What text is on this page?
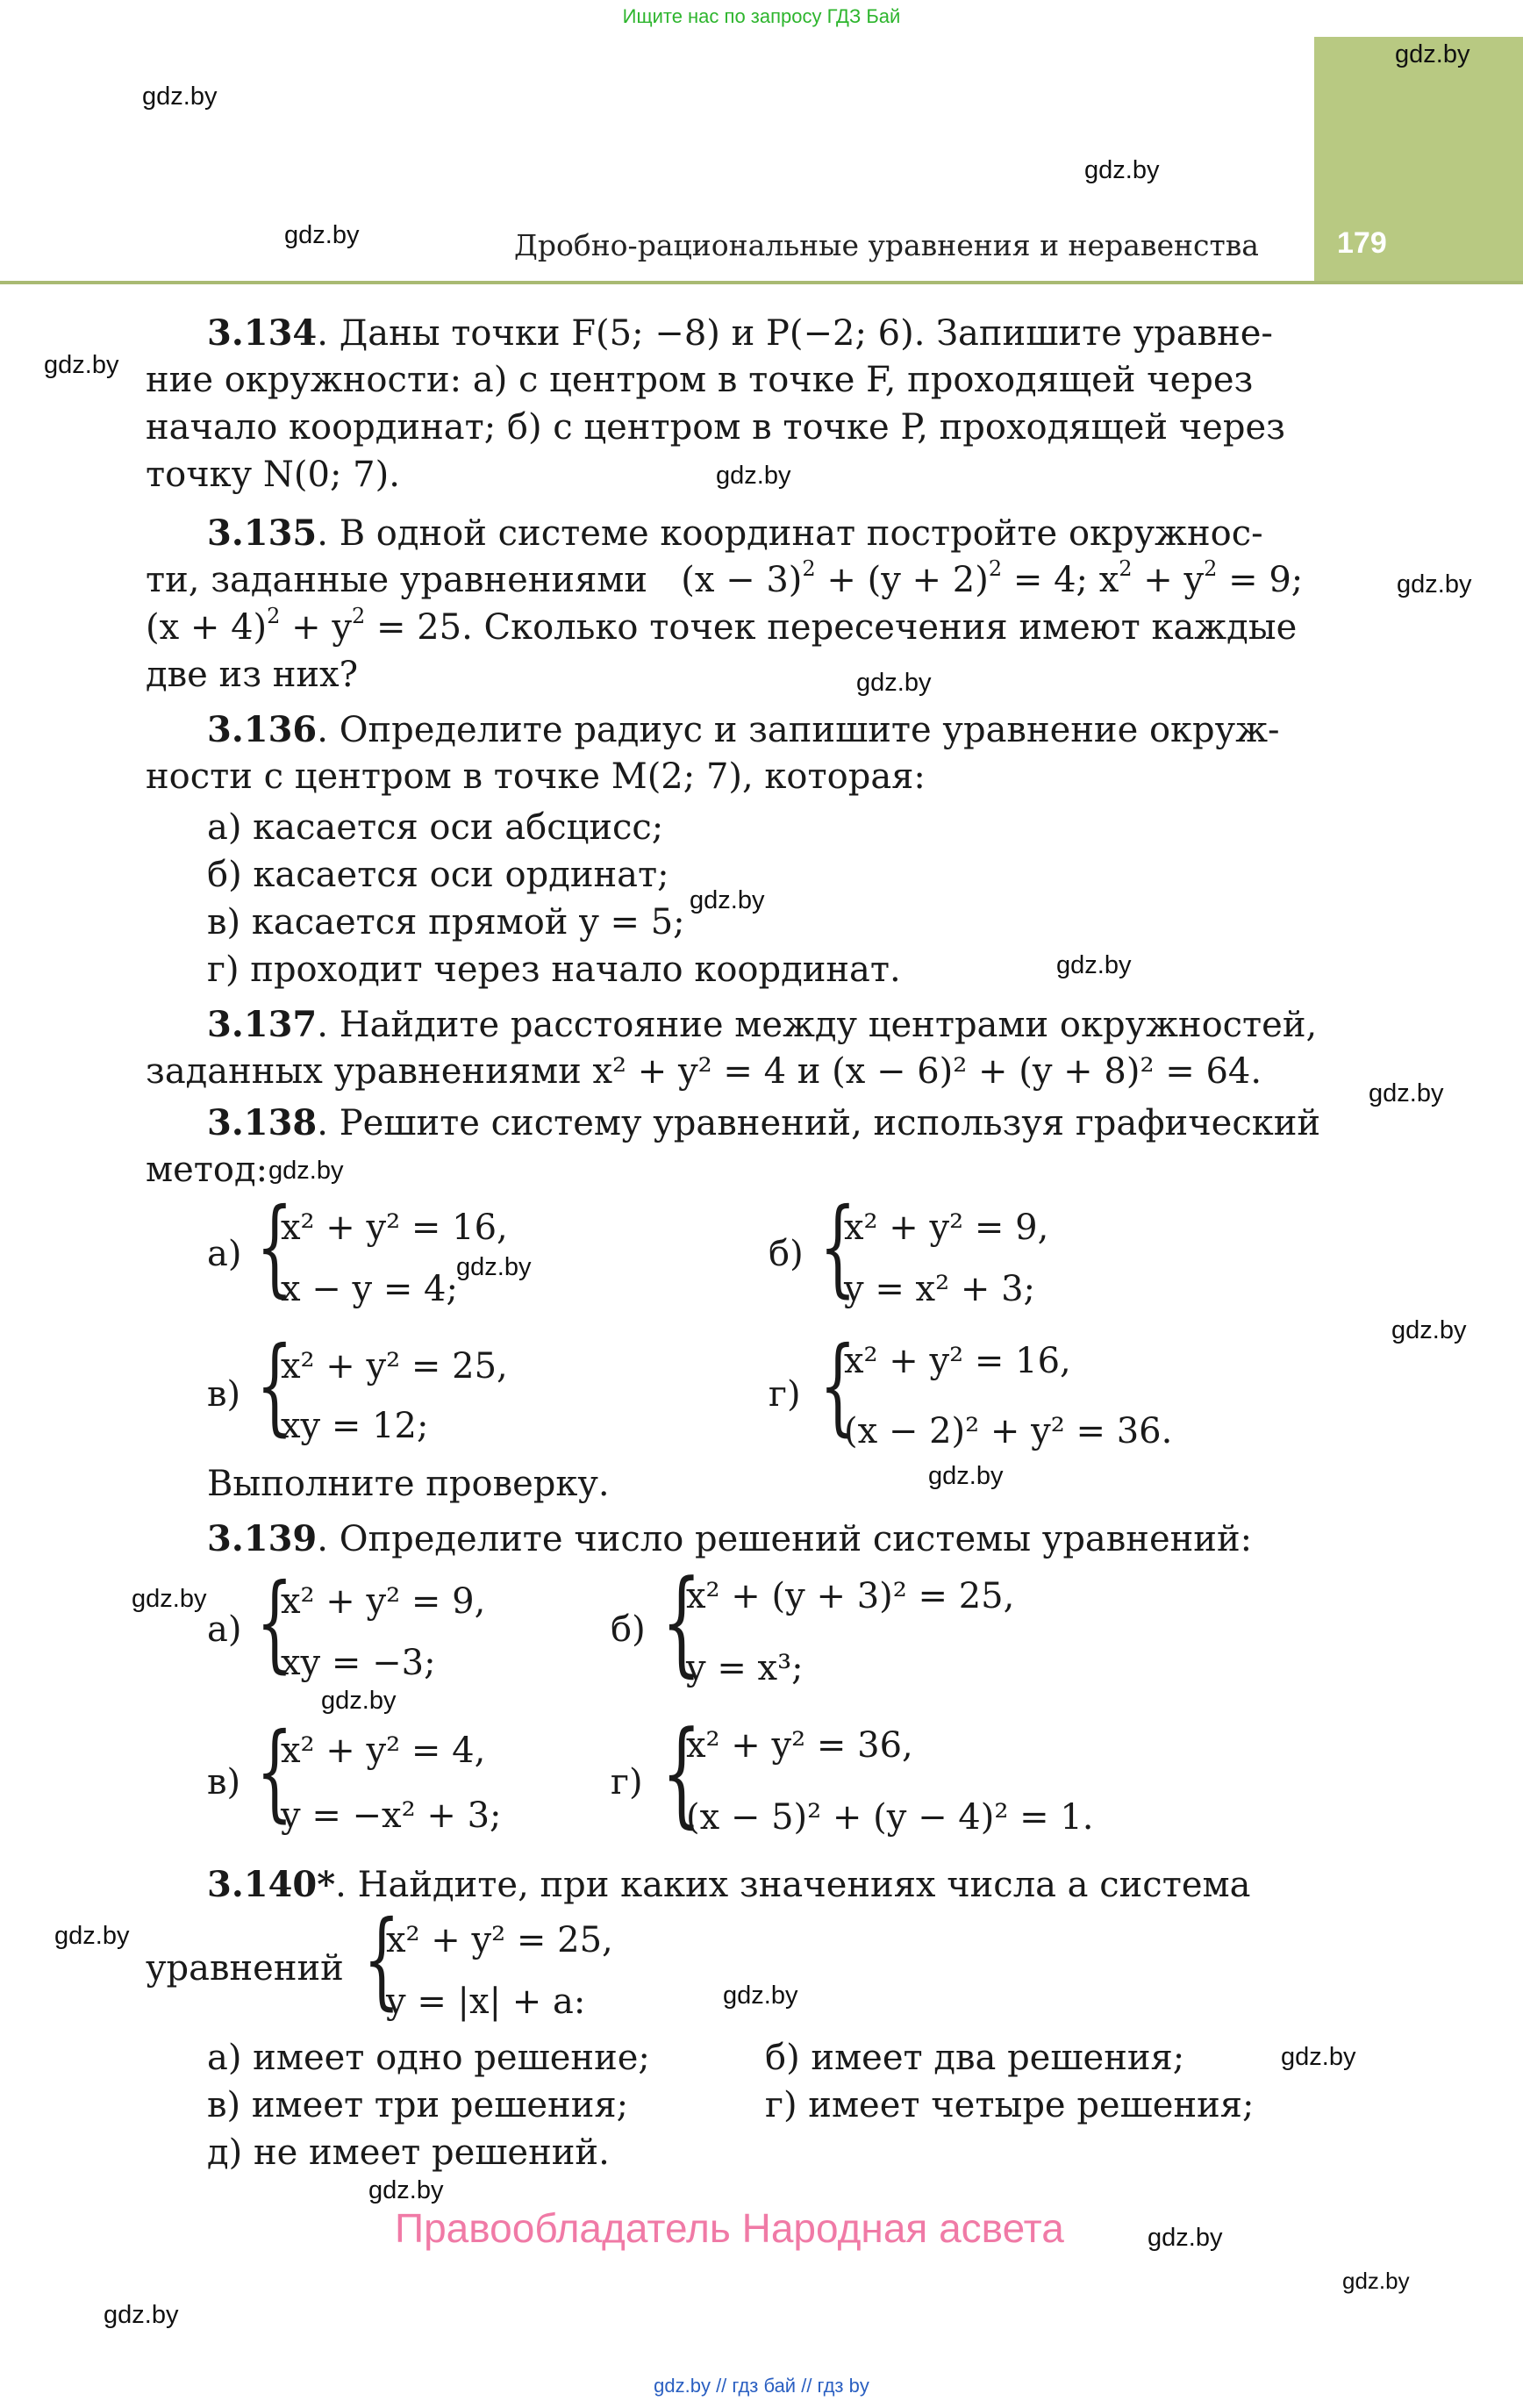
Ищите нас по запросу ГДЗ Бай
gdz.by
179
Дробно-рациональные уравнения и неравенства
gdz.by
gdz.by
gdz.by
gdz.by
gdz.by
gdz.by
gdz.by
gdz.by
gdz.by
gdz.by
gdz.by
gdz.by
gdz.by
gdz.by
gdz.by
gdz.by
gdz.by
gdz.by
gdz.by
gdz.by
gdz.by
gdz.by
gdz.by
3.134. Даны точки F(5; −8) и P(−2; 6). Запишите уравне-
ние окружности: а) с центром в точке F, проходящей через
начало координат; б) с центром в точке P, проходящей через
точку N(0; 7).
3.135. В одной системе координат постройте окружнос-
ти, заданные уравнениями $(x - 3)^2 + (y + 2)^2 = 4$; $x^2 + y^2 = 9$;
$(x + 4)^2 + y^2 = 25$. Сколько точек пересечения имеют каждые
две из них?
3.136. Определите радиус и запишите уравнение окруж-
ности с центром в точке M(2; 7), которая:
а) касается оси абсцисс;
б) касается оси ординат;
в) касается прямой y = 5;
г) проходит через начало координат.
3.137. Найдите расстояние между центрами окружностей,
заданных уравнениями x² + y² = 4 и (x − 6)² + (y + 8)² = 64.
3.138. Решите систему уравнений, используя графический
метод:
а) {
x² + y² = 16,
x − y = 4;
б) {
x² + y² = 9,
y = x² + 3;
в) {
x² + y² = 25,
xy = 12;
г) {
x² + y² = 16,
(x − 2)² + y² = 36.
Выполните проверку.
3.139. Определите число решений системы уравнений:
а) {
x² + y² = 9,
xy = −3;
б) {
x² + (y + 3)² = 25,
y = x³;
в) {
x² + y² = 4,
y = −x² + 3;
г) {
x² + y² = 36,
(x − 5)² + (y − 4)² = 1.
3.140*. Найдите, при каких значениях числа a система
уравнений {
x² + y² = 25,
y = |x| + a:
а) имеет одно решение;	б) имеет два решения;
в) имеет три решения;	г) имеет четыре решения;
д) не имеет решений.
Правообладатель Народная асвета
gdz.by // гдз бай // гдз by
